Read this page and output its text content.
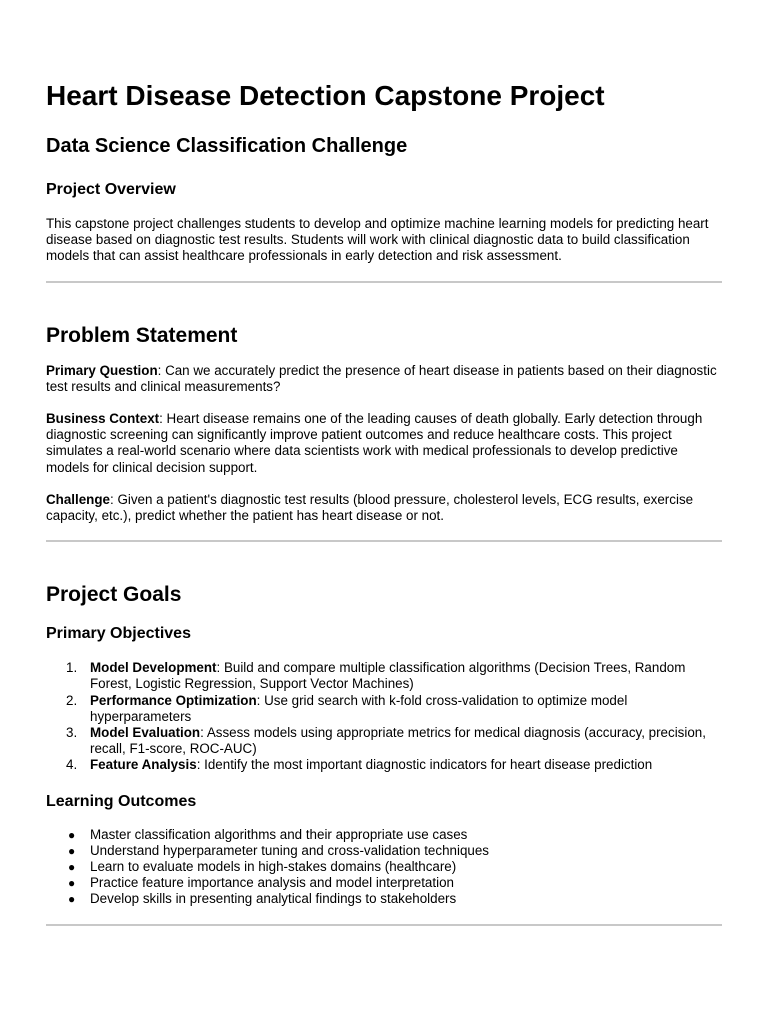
Heart Disease Detection Capstone Project
Data Science Classification Challenge
Project Overview

This capstone project challenges students to develop and optimize machine learning models for predicting heart disease based on diagnostic test results. Students will work with clinical diagnostic data to build classification models that can assist healthcare professionals in early detection and risk assessment.

Problem Statement

Primary Question: Can we accurately predict the presence of heart disease in patients based on their diagnostic test results and clinical measurements?

Business Context: Heart disease remains one of the leading causes of death globally. Early detection through diagnostic screening can significantly improve patient outcomes and reduce healthcare costs. This project simulates a real-world scenario where data scientists work with medical professionals to develop predictive models for clinical decision support.

Challenge: Given a patient's diagnostic test results (blood pressure, cholesterol levels, ECG results, exercise capacity, etc.), predict whether the patient has heart disease or not.

Project Goals
Primary Objectives
1. Model Development: Build and compare multiple classification algorithms (Decision Trees, Random Forest, Logistic Regression, Support Vector Machines)
2. Performance Optimization: Use grid search with k-fold cross-validation to optimize model hyperparameters
3. Model Evaluation: Assess models using appropriate metrics for medical diagnosis (accuracy, precision, recall, F1-score, ROC-AUC)
4. Feature Analysis: Identify the most important diagnostic indicators for heart disease prediction
Learning Outcomes
●	Master classification algorithms and their appropriate use cases
●	Understand hyperparameter tuning and cross-validation techniques
●	Learn to evaluate models in high-stakes domains (healthcare)
●	Practice feature importance analysis and model interpretation
●	Develop skills in presenting analytical findings to stakeholders
